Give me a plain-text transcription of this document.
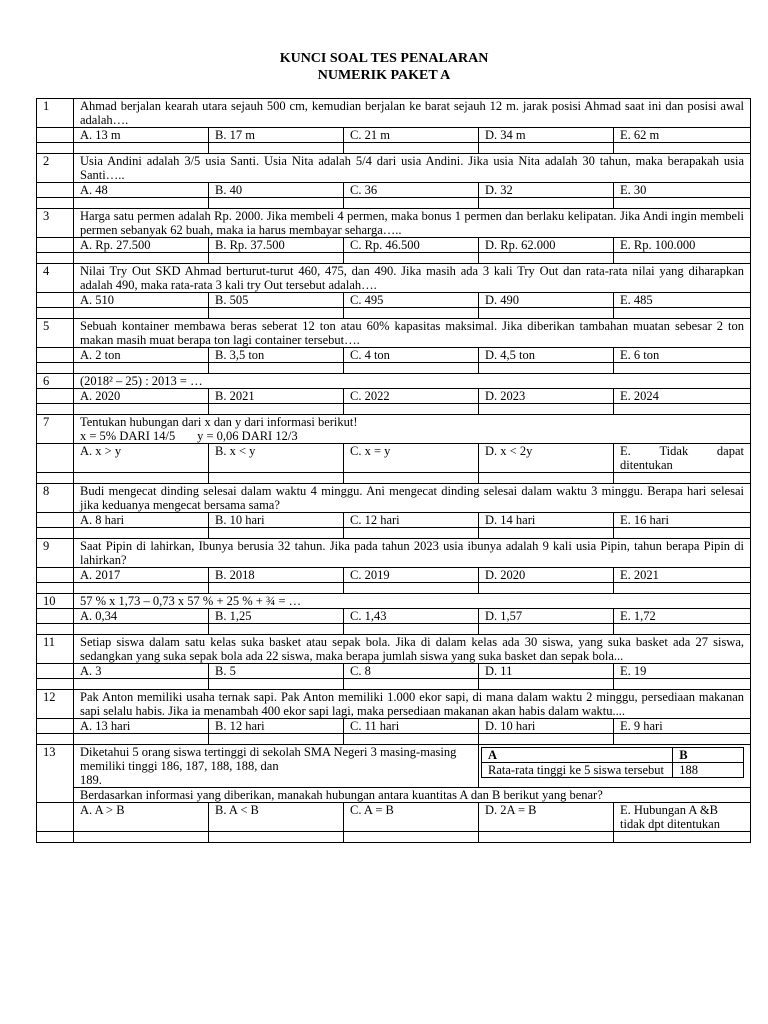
KUNCI SOAL TES PENALARAN
NUMERIK PAKET A
1	Ahmad berjalan kearah utara sejauh 500 cm, kemudian berjalan ke barat sejauh 12 m. jarak posisi Ahmad saat ini dan posisi awal adalah….
	A. 13 m	B. 17 m	C. 21 m	D. 34 m	E. 62 m

2	Usia Andini adalah 3/5 usia Santi. Usia Nita adalah 5/4 dari usia Andini. Jika usia Nita adalah 30 tahun, maka berapakah usia Santi…..
	A. 48	B. 40	C. 36	D. 32	E. 30

3	Harga satu permen adalah Rp. 2000. Jika membeli 4 permen, maka bonus 1 permen dan berlaku kelipatan. Jika Andi ingin membeli permen sebanyak 62 buah, maka ia harus membayar seharga…..
	A. Rp. 27.500	B. Rp. 37.500	C. Rp. 46.500	D. Rp. 62.000	E. Rp. 100.000

4	Nilai Try Out SKD Ahmad berturut-turut 460, 475, dan 490. Jika masih ada 3 kali Try Out dan rata-rata nilai yang diharapkan adalah 490, maka rata-rata 3 kali try Out tersebut adalah….
	A. 510	B. 505	C. 495	D. 490	E. 485

5	Sebuah kontainer membawa beras seberat 12 ton atau 60% kapasitas maksimal. Jika diberikan tambahan muatan sebesar 2 ton makan masih muat berapa ton lagi container tersebut….
	A. 2 ton	B. 3,5 ton	C. 4 ton	D. 4,5 ton	E. 6 ton

6	(2018² – 25) : 2013 = …
	A. 2020	B. 2021	C. 2022	D. 2023	E. 2024

7	Tentukan hubungan dari x dan y dari informasi berikut!
x = 5% DARI 14/5       y = 0,06 DARI 12/3
	A. x > y	B. x < y	C. x = y	D. x < 2y	E. Tidak dapat
ditentukan

8	Budi mengecat dinding selesai dalam waktu 4 minggu. Ani mengecat dinding selesai dalam waktu 3 minggu. Berapa hari selesai jika keduanya mengecat bersama sama?
	A. 8 hari	B. 10 hari	C. 12 hari	D. 14 hari	E. 16 hari

9	Saat Pipin di lahirkan, Ibunya berusia 32 tahun. Jika pada tahun 2023 usia ibunya adalah 9 kali usia Pipin, tahun berapa Pipin di lahirkan?
	A. 2017	B. 2018	C. 2019	D. 2020	E. 2021

10	57 % x 1,73 – 0,73 x 57 % + 25 % + ¾ = …
	A. 0,34	B. 1,25	C. 1,43	D. 1,57	E. 1,72

11	Setiap siswa dalam satu kelas suka basket atau sepak bola. Jika di dalam kelas ada 30 siswa, yang suka basket ada 27 siswa, sedangkan yang suka sepak bola ada 22 siswa, maka berapa jumlah siswa yang suka basket dan sepak bola...
	A. 3	B. 5	C. 8	D. 11	E. 19

12	Pak Anton memiliki usaha ternak sapi. Pak Anton memiliki 1.000 ekor sapi, di mana dalam waktu 2 minggu, persediaan makanan sapi selalu habis. Jika ia menambah 400 ekor sapi lagi, maka persediaan makanan akan habis dalam waktu....
	A. 13 hari	B. 12 hari	C. 11 hari	D. 10 hari	E. 9 hari

13	Diketahui 5 orang siswa tertinggi di sekolah SMA Negeri 3 masing-masing memiliki tinggi 186, 187, 188, 188, dan
189.	
A	B
Rata-rata tinggi ke 5 siswa tersebut	188

Berdasarkan informasi yang diberikan, manakah hubungan antara kuantitas A dan B berikut yang benar?
	A. A > B	B. A < B	C. A = B	D. 2A = B	E. Hubungan A &B
tidak dpt ditentukan
